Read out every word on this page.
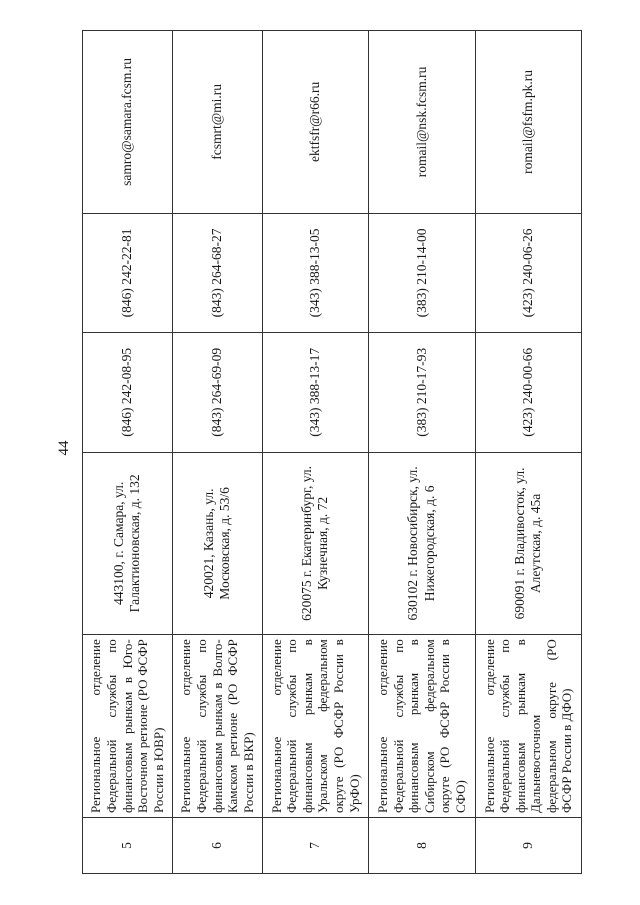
44
5	Региональное отделение Федеральной службы по финансовым рынкам в Юго-Восточном регионе (РО ФСФР России в ЮВР)	443100, г. Самара, ул. Галактионовская, д. 132	(846) 242-08-95	(846) 242-22-81	samro@samara.fcsm.ru
6	Региональное отделение Федеральной службы по финансовым рынкам в Волго-Камском регионе (РО ФСФР России в ВКР)	420021, Казань, ул. Московская, д. 53/6	(843) 264-69-09	(843) 264-68-27	fcsmrt@mi.ru
7	Региональное отделение Федеральной службы по финансовым рынкам в Уральском федеральном округе (РО ФСФР России в УрФО)	620075 г. Екатеринбург, ул. Кузнечная, д. 72	(343) 388-13-17	(343) 388-13-05	ektfsfr@r66.ru
8	Региональное отделение Федеральной службы по финансовым рынкам в Сибирском федеральном округе (РО ФСФР России в СФО)	630102 г. Новосибирск, ул. Нижегородская, д. 6	(383) 210-17-93	(383) 210-14-00	romail@nsk.fcsm.ru
9	Региональное отделение Федеральной службы по финансовым рынкам в Дальневосточном федеральном округе (РО ФСФР России в ДФО)	690091 г. Владивосток, ул. Алеутская, д. 45а	(423) 240-00-66	(423) 240-06-26	romail@fsfm.pk.ru
